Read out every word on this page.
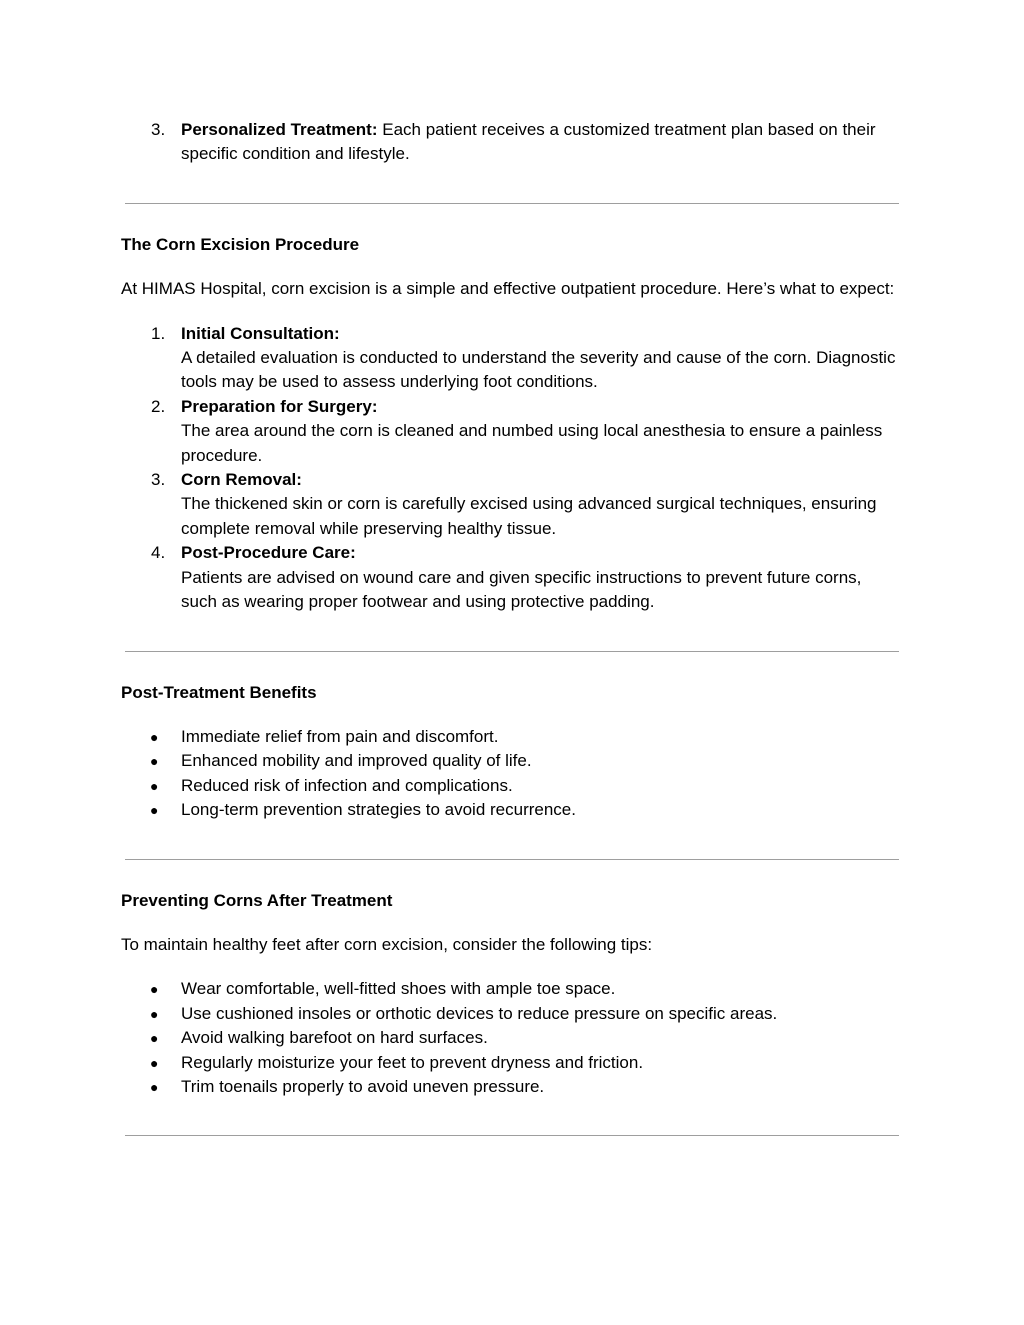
3. Personalized Treatment: Each patient receives a customized treatment plan based on their specific condition and lifestyle.

The Corn Excision Procedure

At HIMAS Hospital, corn excision is a simple and effective outpatient procedure. Here’s what to expect:

1. Initial Consultation:
A detailed evaluation is conducted to understand the severity and cause of the corn. Diagnostic tools may be used to assess underlying foot conditions.
2. Preparation for Surgery:
The area around the corn is cleaned and numbed using local anesthesia to ensure a painless procedure.
3. Corn Removal:
The thickened skin or corn is carefully excised using advanced surgical techniques, ensuring complete removal while preserving healthy tissue.
4. Post-Procedure Care:
Patients are advised on wound care and given specific instructions to prevent future corns, such as wearing proper footwear and using protective padding.

Post-Treatment Benefits

● Immediate relief from pain and discomfort.
● Enhanced mobility and improved quality of life.
● Reduced risk of infection and complications.
● Long-term prevention strategies to avoid recurrence.

Preventing Corns After Treatment

To maintain healthy feet after corn excision, consider the following tips:

● Wear comfortable, well-fitted shoes with ample toe space.
● Use cushioned insoles or orthotic devices to reduce pressure on specific areas.
● Avoid walking barefoot on hard surfaces.
● Regularly moisturize your feet to prevent dryness and friction.
● Trim toenails properly to avoid uneven pressure.
